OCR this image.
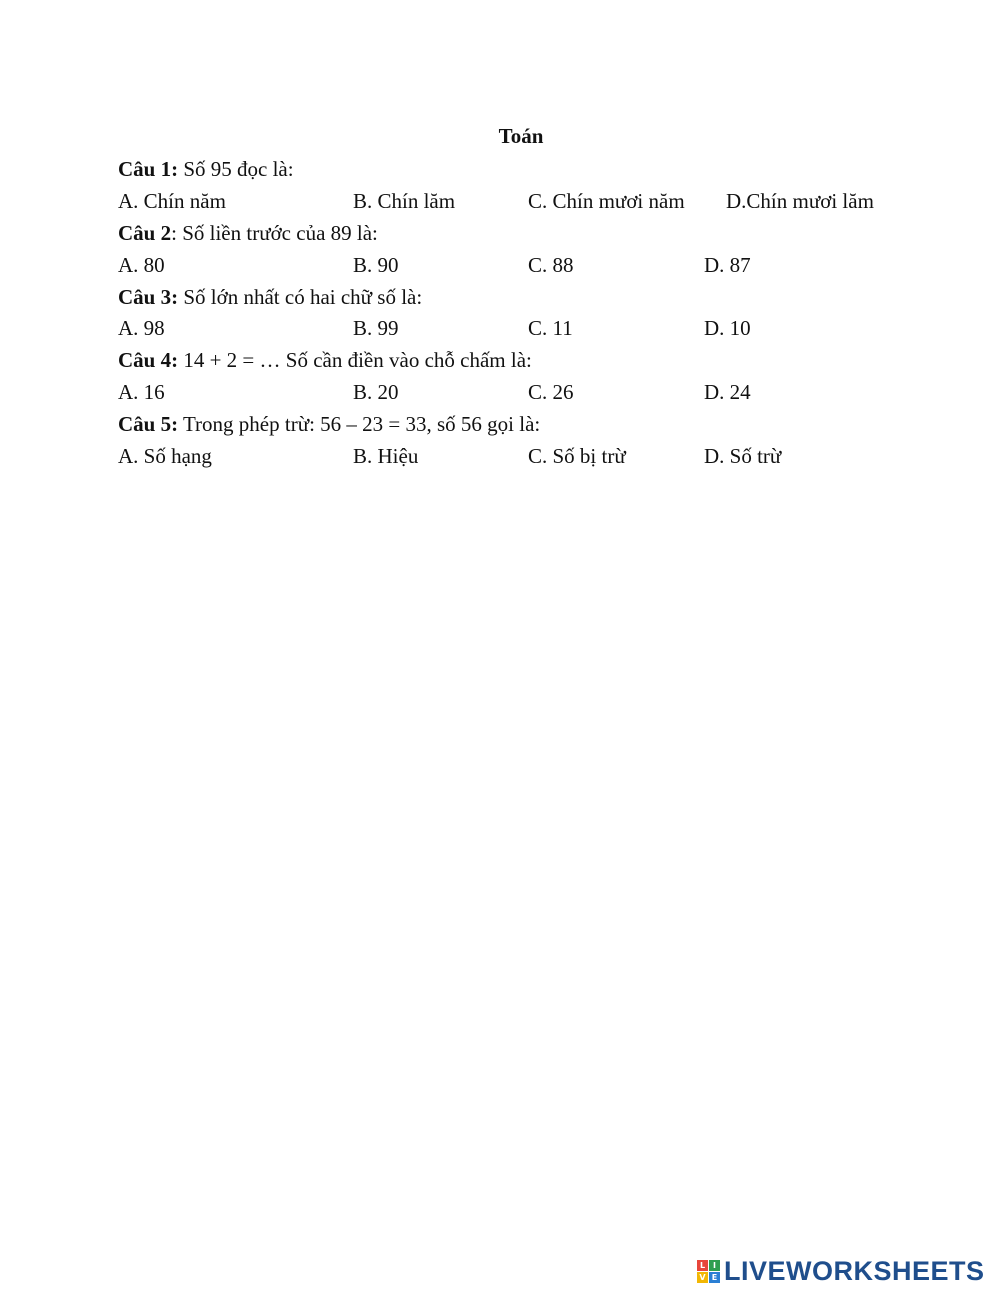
Toán
Câu 1: Số 95 đọc là:
A. Chín năm	B. Chín lăm	C. Chín mươi năm D.Chín mươi lăm
Câu 2: Số liền trước của 89 là:
A. 80	B. 90	C. 88	D. 87
Câu 3: Số lớn nhất có hai chữ số là:
A. 98	B. 99	C. 11	D. 10
Câu 4: 14 + 2 = … Số cần điền vào chỗ chấm là:
A. 16	B. 20	C. 26	D. 24
Câu 5: Trong phép trừ: 56 – 23 = 33, số 56 gọi là:
A. Số hạng	B. Hiệu	C. Số bị trừ	D. Số trừ
L I
V E LIVEWORKSHEETS
